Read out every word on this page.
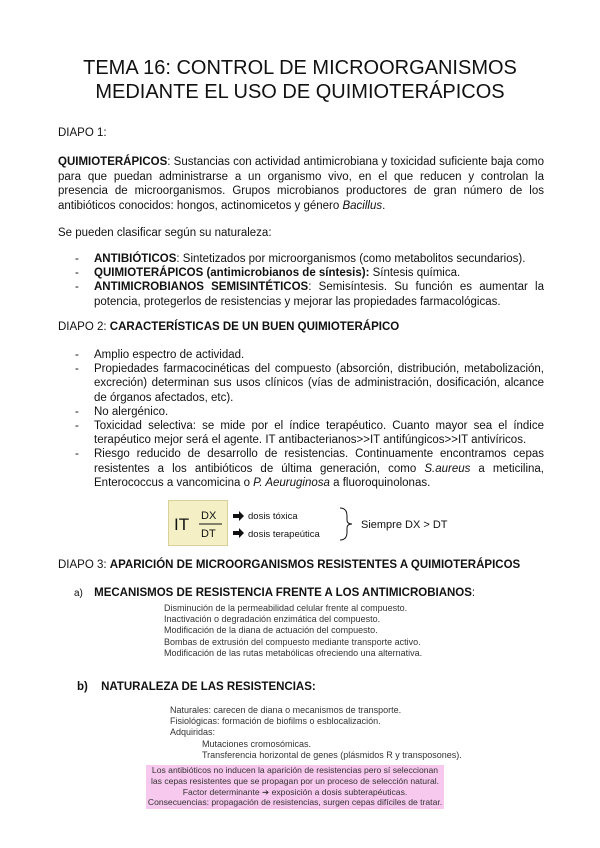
TEMA 16: CONTROL DE MICROORGANISMOS
MEDIANTE EL USO DE QUIMIOTERÁPICOS

DIAPO 1:

QUIMIOTERÁPICOS: Sustancias con actividad antimicrobiana y toxicidad suficiente baja como para que puedan administrarse a un organismo vivo, en el que reducen y controlan la presencia de microorganismos. Grupos microbianos productores de gran número de los antibióticos conocidos: hongos, actinomicetos y género Bacillus.

Se pueden clasificar según su naturaleza:

- ANTIBIÓTICOS: Sintetizados por microorganismos (como metabolitos secundarios).
- QUIMIOTERÁPICOS (antimicrobianos de síntesis): Síntesis química.
- ANTIMICROBIANOS SEMISINTÉTICOS: Semisíntesis. Su función es aumentar la potencia, protegerlos de resistencias y mejorar las propiedades farmacológicas.

DIAPO 2: CARACTERÍSTICAS DE UN BUEN QUIMIOTERÁPICO

- Amplio espectro de actividad.
- Propiedades farmacocinéticas del compuesto (absorción, distribución, metabolización, excreción) determinan sus usos clínicos (vías de administración, dosificación, alcance de órganos afectados, etc).
- No alergénico.
- Toxicidad selectiva: se mide por el índice terapéutico. Cuanto mayor sea el índice terapéutico mejor será el agente. IT antibacterianos>>IT antifúngicos>>IT antivíricos.
- Riesgo reducido de desarrollo de resistencias. Continuamente encontramos cepas resistentes a los antibióticos de última generación, como S.aureus a meticilina, Enterococcus a vancomicina o P. Aeuruginosa a fluoroquinolonas.
IT DX
DT
dosis tóxica
dosis terapeútica
Siempre DX > DT

DIAPO 3: APARICIÓN DE MICROORGANISMOS RESISTENTES A QUIMIOTERÁPICOS

a) MECANISMOS DE RESISTENCIA FRENTE A LOS ANTIMICROBIANOS:
Disminución de la permeabilidad celular frente al compuesto.
Inactivación o degradación enzimática del compuesto.
Modificación de la diana de actuación del compuesto.
Bombas de extrusión del compuesto mediante transporte activo.
Modificación de las rutas metabólicas ofreciendo una alternativa.
b) NATURALEZA DE LAS RESISTENCIAS:
Naturales: carecen de diana o mecanismos de transporte.
Fisiológicas: formación de biofilms o esblocalización.
Adquiridas:
Mutaciones cromosómicas.
Transferencia horizontal de genes (plásmidos R y transposones).
Los antibióticos no inducen la aparición de resistencias pero sí seleccionan
las cepas resistentes que se propagan por un proceso de selección natural.
Factor determinante ➔ exposición a dosis subterapéuticas.
Consecuencias: propagación de resistencias, surgen cepas difíciles de tratar.
